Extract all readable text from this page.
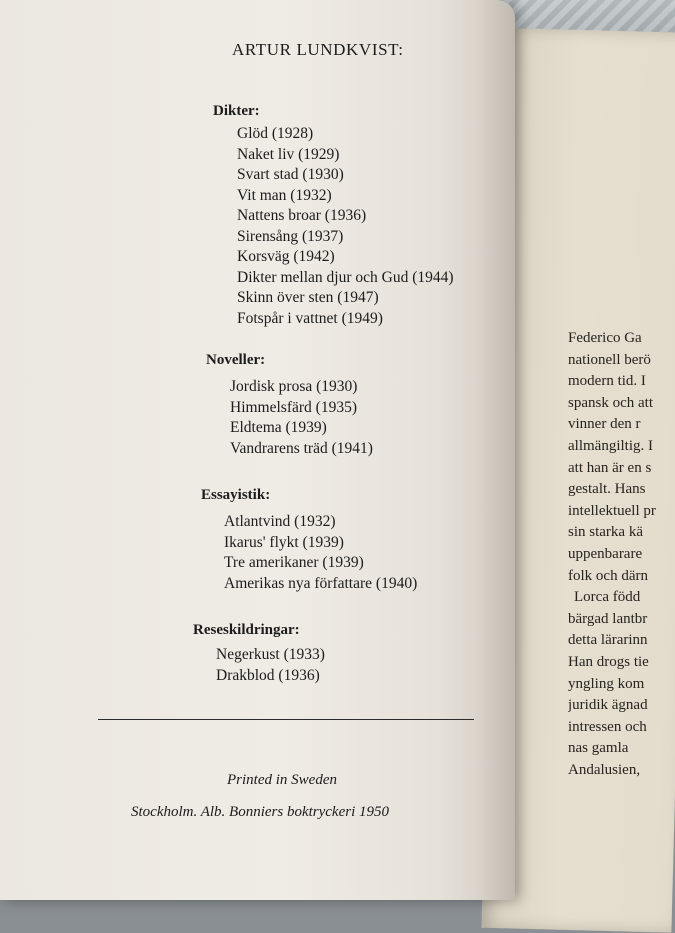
Federico Ga
nationell berö
modern tid. I
spansk och att
vinner den r
allmängiltig. I
att han är en s
gestalt. Hans
intellektuell pr
sin starka kä
uppenbarare
folk och därn
Lorca född
bärgad lantbr
detta lärarinn
Han drogs tie
yngling kom
juridik ägnad
intressen och
nas gamla
Andalusien,
ARTUR LUNDKVIST:
Dikter:
Glöd (1928)
Naket liv (1929)
Svart stad (1930)
Vit man (1932)
Nattens broar (1936)
Sirensång (1937)
Korsväg (1942)
Dikter mellan djur och Gud (1944)
Skinn över sten (1947)
Fotspår i vattnet (1949)
Noveller:
Jordisk prosa (1930)
Himmelsfärd (1935)
Eldtema (1939)
Vandrarens träd (1941)
Essayistik:
Atlantvind (1932)
Ikarus' flykt (1939)
Tre amerikaner (1939)
Amerikas nya författare (1940)
Reseskildringar:
Negerkust (1933)
Drakblod (1936)
Printed in Sweden
Stockholm. Alb. Bonniers boktryckeri 1950
